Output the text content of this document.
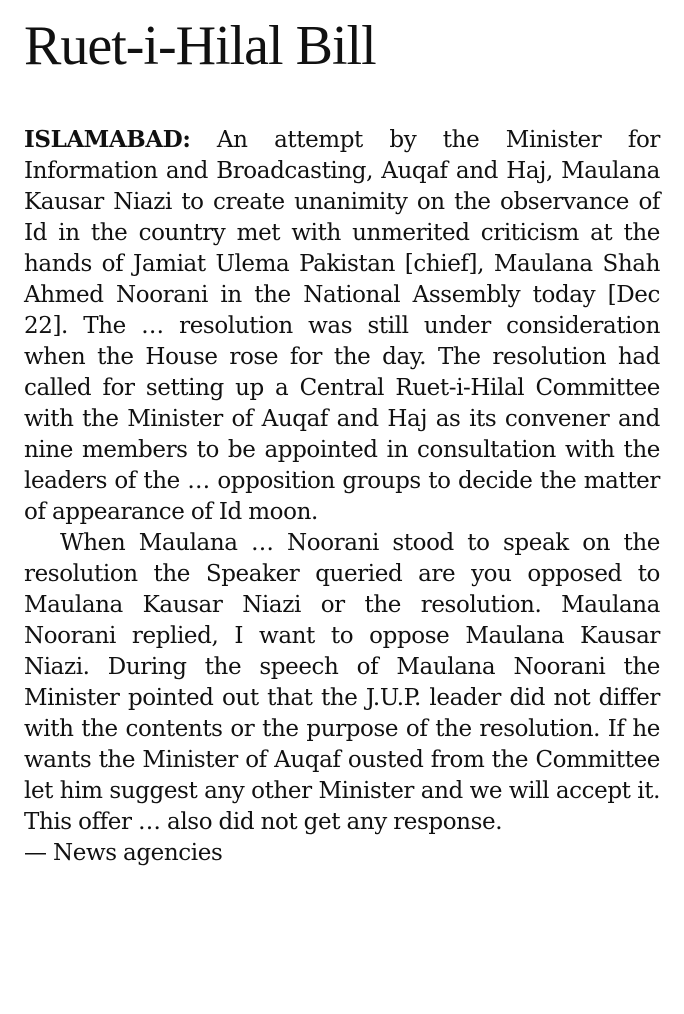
Ruet-i-Hilal Bill

ISLAMABAD: An attempt by the Minister for Information and Broadcasting, Auqaf and Haj, Maulana Kausar Niazi to create unanimity on the observance of Id in the country met with unmerited criticism at the hands of Jamiat Ulema Pakistan [chief], Maulana Shah Ahmed Noorani in the National Assembly today [Dec 22]. The … resolution was still under consideration when the House rose for the day. The resolution had called for setting up a Central Ruet-i-Hilal Committee with the Minister of Auqaf and Haj as its convener and nine members to be appointed in consultation with the leaders of the … opposition groups to decide the matter of appearance of Id moon.

When Maulana … Noorani stood to speak on the resolution the Speaker queried are you opposed to Maulana Kausar Niazi or the resolution. Maulana Noorani replied, I want to oppose Maulana Kausar Niazi. During the speech of Maulana Noorani the Minister pointed out that the J.U.P. leader did not differ with the contents or the purpose of the resolution. If he wants the Minister of Auqaf ousted from the Committee let him suggest any other Minister and we will accept it. This offer … also did not get any response.
— News agencies
